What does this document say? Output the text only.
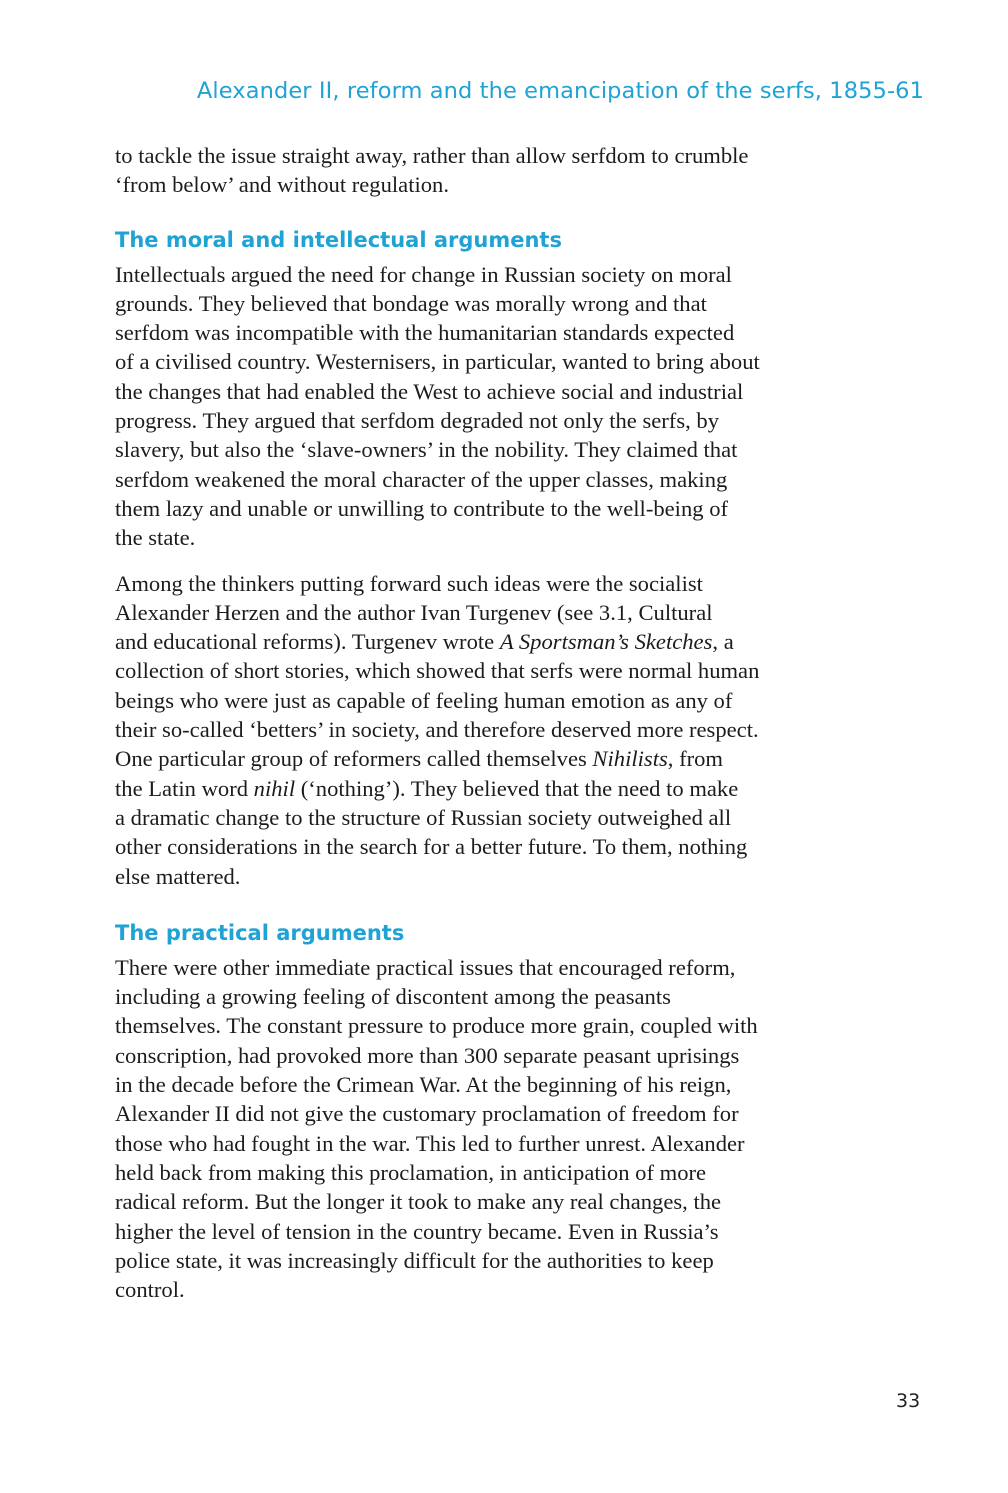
Alexander II, reform and the emancipation of the serfs, 1855-61

to tackle the issue straight away, rather than allow serfdom to crumble
‘from below’ and without regulation.

The moral and intellectual arguments

Intellectuals argued the need for change in Russian society on moral
grounds. They believed that bondage was morally wrong and that
serfdom was incompatible with the humanitarian standards expected
of a civilised country. Westernisers, in particular, wanted to bring about
the changes that had enabled the West to achieve social and industrial
progress. They argued that serfdom degraded not only the serfs, by
slavery, but also the ‘slave-owners’ in the nobility. They claimed that
serfdom weakened the moral character of the upper classes, making
them lazy and unable or unwilling to contribute to the well-being of
the state.

Among the thinkers putting forward such ideas were the socialist
Alexander Herzen and the author Ivan Turgenev (see 3.1, Cultural
and educational reforms). Turgenev wrote A Sportsman’s Sketches, a
collection of short stories, which showed that serfs were normal human
beings who were just as capable of feeling human emotion as any of
their so-called ‘betters’ in society, and therefore deserved more respect.
One particular group of reformers called themselves Nihilists, from
the Latin word nihil (‘nothing’). They believed that the need to make
a dramatic change to the structure of Russian society outweighed all
other considerations in the search for a better future. To them, nothing
else mattered.

The practical arguments

There were other immediate practical issues that encouraged reform,
including a growing feeling of discontent among the peasants
themselves. The constant pressure to produce more grain, coupled with
conscription, had provoked more than 300 separate peasant uprisings
in the decade before the Crimean War. At the beginning of his reign,
Alexander II did not give the customary proclamation of freedom for
those who had fought in the war. This led to further unrest. Alexander
held back from making this proclamation, in anticipation of more
radical reform. But the longer it took to make any real changes, the
higher the level of tension in the country became. Even in Russia’s
police state, it was increasingly difficult for the authorities to keep
control.

33
